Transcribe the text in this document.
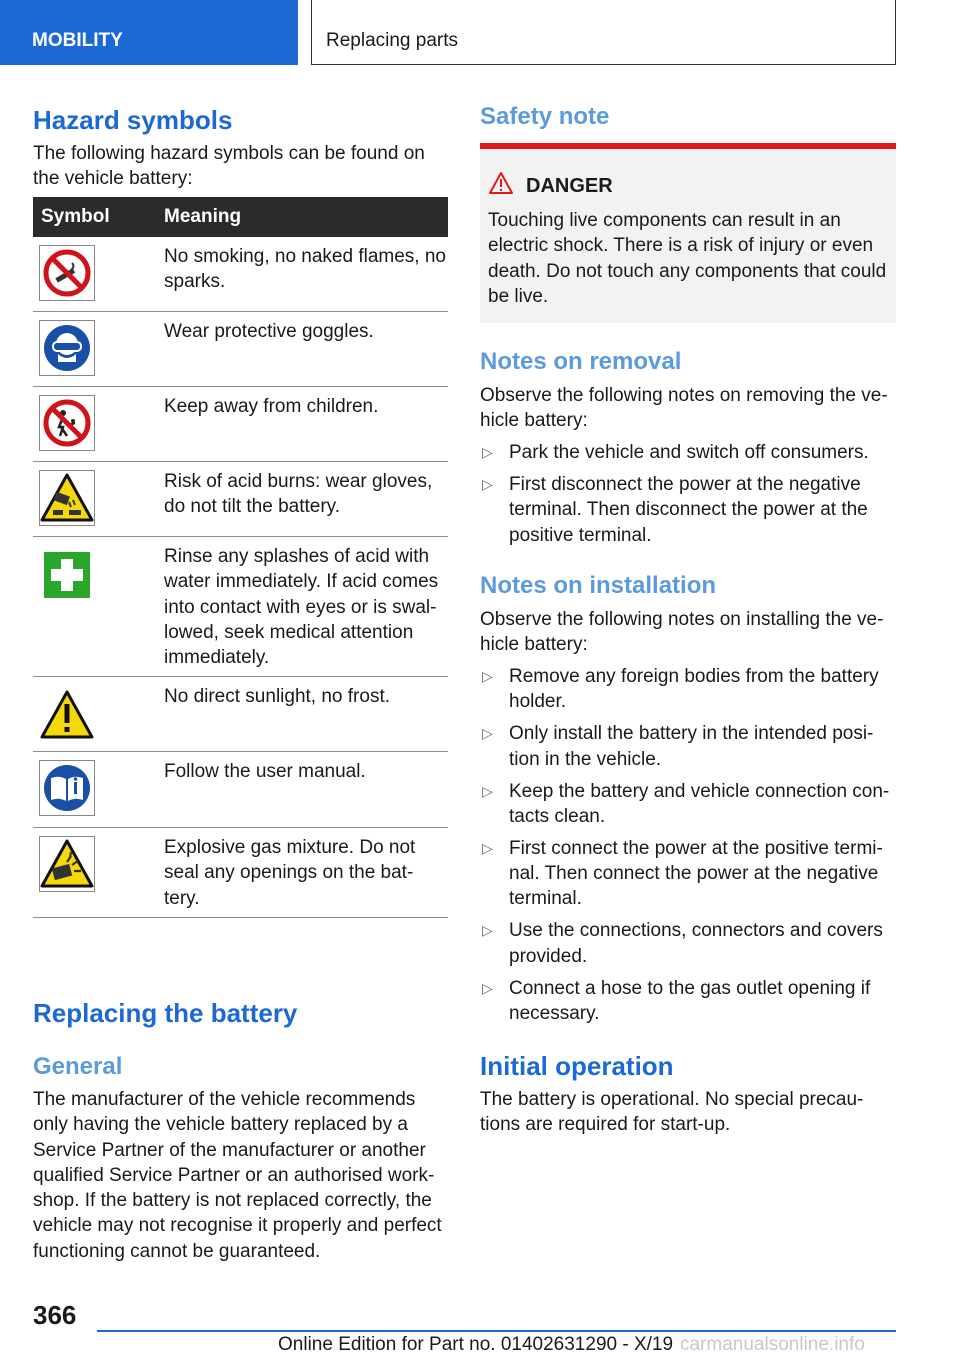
MOBILITY	Replacing parts
Hazard symbols
The following hazard symbols can be found on the vehicle battery:
Symbol	Meaning
No smoking, no naked flames, no sparks.
Wear protective goggles.
Keep away from children.
Risk of acid burns: wear gloves, do not tilt the battery.
Rinse any splashes of acid with water immediately. If acid comes into contact with eyes or is swal-lowed, seek medical attention immediately.
No direct sunlight, no frost.
Follow the user manual.
Explosive gas mixture. Do not seal any openings on the bat-tery.
Replacing the battery
General
The manufacturer of the vehicle recommends only having the vehicle battery replaced by a Service Partner of the manufacturer or another qualified Service Partner or an authorised work-shop. If the battery is not replaced correctly, the vehicle may not recognise it properly and perfect functioning cannot be guaranteed.
Safety note
DANGER
Touching live components can result in an electric shock. There is a risk of injury or even death. Do not touch any components that could be live.
Notes on removal
Observe the following notes on removing the ve-hicle battery:
▷ Park the vehicle and switch off consumers.
▷ First disconnect the power at the negative terminal. Then disconnect the power at the positive terminal.
Notes on installation
Observe the following notes on installing the ve-hicle battery:
▷ Remove any foreign bodies from the battery holder.
▷ Only install the battery in the intended posi-tion in the vehicle.
▷ Keep the battery and vehicle connection con-tacts clean.
▷ First connect the power at the positive termi-nal. Then connect the power at the negative terminal.
▷ Use the connections, connectors and covers provided.
▷ Connect a hose to the gas outlet opening if necessary.
Initial operation
The battery is operational. No special precau-tions are required for start-up.
366
Online Edition for Part no. 01402631290 - X/19 carmanualsonline.info
